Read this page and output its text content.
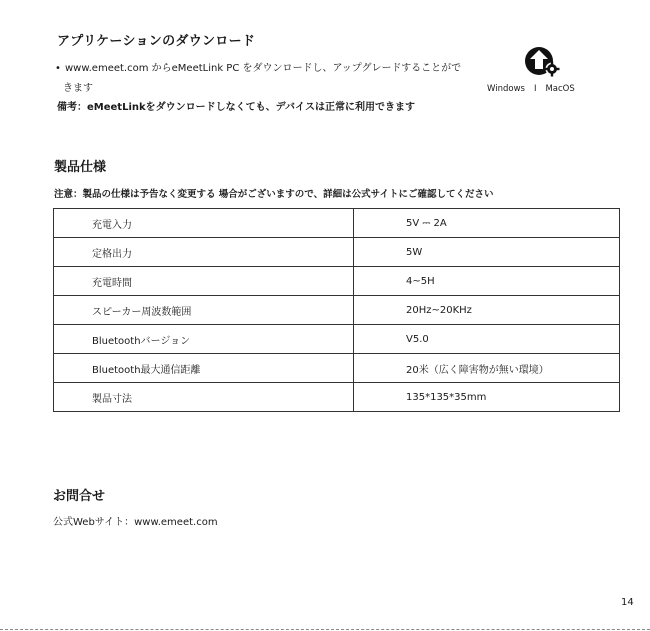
アプリケーションのダウンロード
• www.emeet.com からeMeetLink PC をダウンロードし、アップグレードすることがで
きます
備考：eMeetLinkをダウンロードしなくても、デバイスは正常に利用できます
Windows I MacOS
製品仕様
注意：製品の仕様は予告なく変更する 場合がございますので、詳細は公式サイトにご確認してください
充電入力	5V ⎓ 2A
定格出力	5W
充電時間	4~5H
スピーカー周波数範囲	20Hz~20KHz
Bluetoothバージョン	V5.0
Bluetooth最大通信距離	20米（広く障害物が無い環境）
製品寸法	135*135*35mm
お問合せ
公式Webサイト：www.emeet.com
14
